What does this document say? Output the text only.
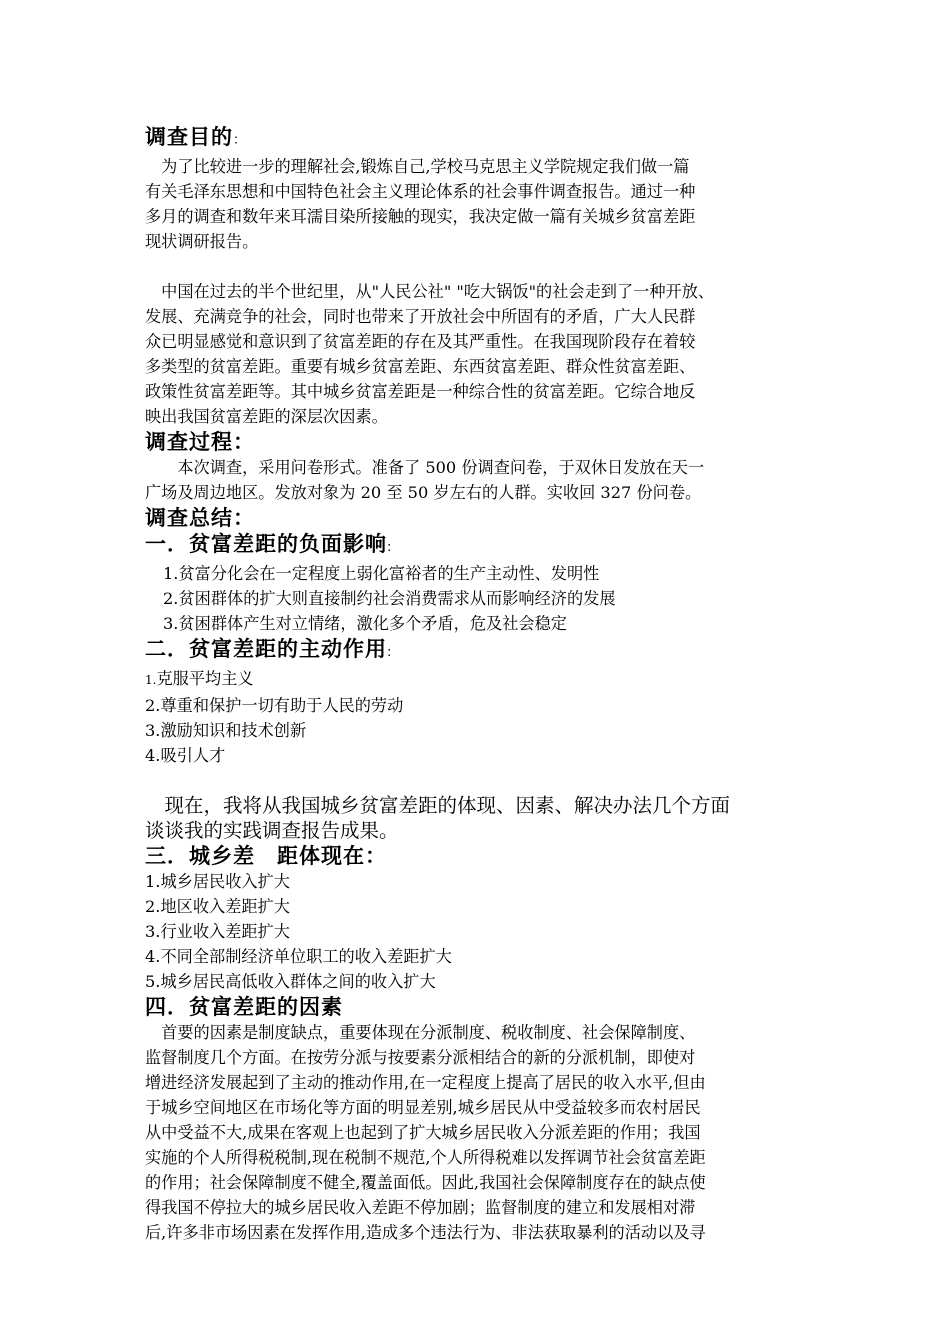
调查目的：
　为了比较进一步的理解社会,锻炼自己,学校马克思主义学院规定我们做一篇
有关毛泽东思想和中国特色社会主义理论体系的社会事件调查报告。通过一种
多月的调查和数年来耳濡目染所接触的现实，我决定做一篇有关城乡贫富差距
现状调研报告。
　中国在过去的半个世纪里，从"人民公社" "吃大锅饭"的社会走到了一种开放、
发展、充满竞争的社会，同时也带来了开放社会中所固有的矛盾，广大人民群
众已明显感觉和意识到了贫富差距的存在及其严重性。在我国现阶段存在着较
多类型的贫富差距。重要有城乡贫富差距、东西贫富差距、群众性贫富差距、
政策性贫富差距等。其中城乡贫富差距是一种综合性的贫富差距。它综合地反
映出我国贫富差距的深层次因素。
调查过程：
　　本次调查，采用问卷形式。准备了 500 份调查问卷，于双休日发放在天一
广场及周边地区。发放对象为 20 至 50 岁左右的人群。实收回 327 份问卷。
调查总结：
一．贫富差距的负面影响:
1.贫富分化会在一定程度上弱化富裕者的生产主动性、发明性
2.贫困群体的扩大则直接制约社会消费需求从而影响经济的发展
3.贫困群体产生对立情绪，激化多个矛盾，危及社会稳定
二．贫富差距的主动作用:
1.克服平均主义
2.尊重和保护一切有助于人民的劳动
3.激励知识和技术创新
4.吸引人才
　现在，我将从我国城乡贫富差距的体现、因素、解决办法几个方面
谈谈我的实践调查报告成果。
三．城乡差　距体现在：
1.城乡居民收入扩大
2.地区收入差距扩大
3.行业收入差距扩大
4.不同全部制经济单位职工的收入差距扩大
5.城乡居民高低收入群体之间的收入扩大
四．贫富差距的因素
　首要的因素是制度缺点，重要体现在分派制度、税收制度、社会保障制度、
监督制度几个方面。在按劳分派与按要素分派相结合的新的分派机制，即使对
增进经济发展起到了主动的推动作用,在一定程度上提高了居民的收入水平,但由
于城乡空间地区在市场化等方面的明显差别,城乡居民从中受益较多而农村居民
从中受益不大,成果在客观上也起到了扩大城乡居民收入分派差距的作用；我国
实施的个人所得税税制,现在税制不规范,个人所得税难以发挥调节社会贫富差距
的作用；社会保障制度不健全,覆盖面低。因此,我国社会保障制度存在的缺点使
得我国不停拉大的城乡居民收入差距不停加剧；监督制度的建立和发展相对滞
后,许多非市场因素在发挥作用,造成多个违法行为、非法获取暴利的活动以及寻
